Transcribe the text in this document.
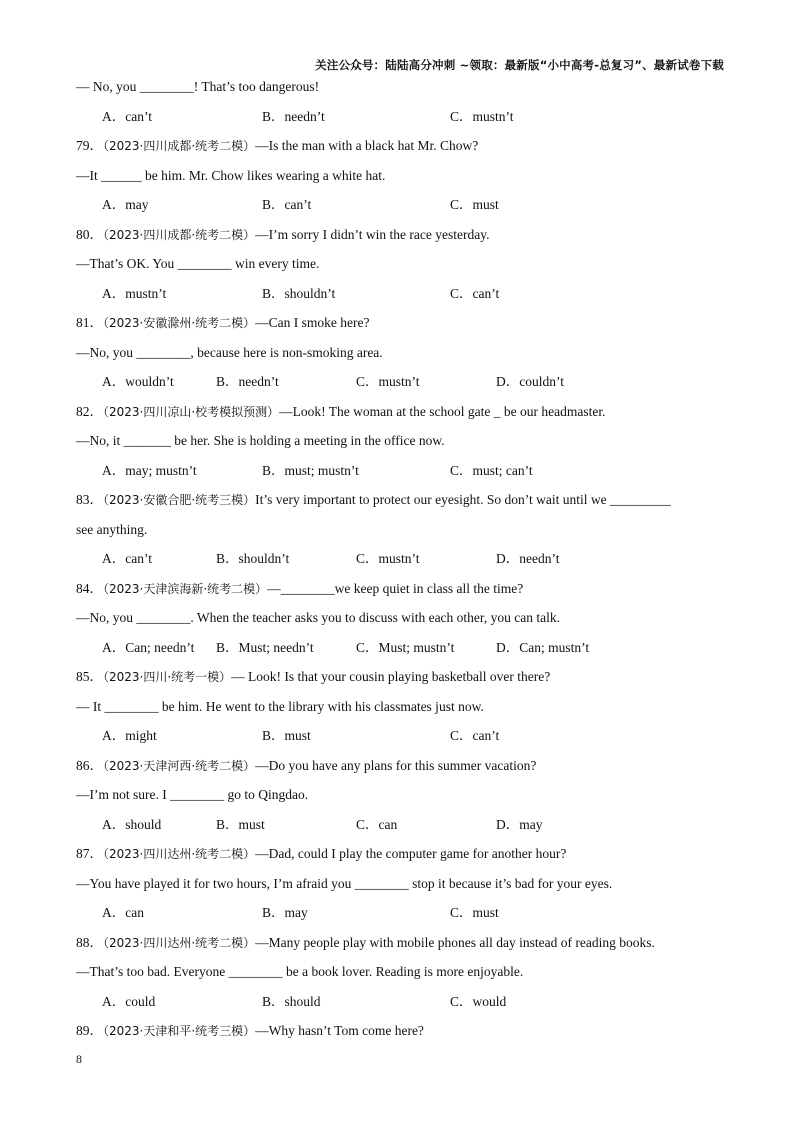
关注公众号：陆陆高分冲刺 ~领取：最新版“小中高考-总复习”、最新试卷下载
— No, you ________! That’s too dangerous!
A．can’t	B．needn’t	C．mustn’t
79．（2023·四川成都·统考二模）—Is the man with a black hat Mr. Chow?
—It ______ be him. Mr. Chow likes wearing a white hat.
A．may	B．can’t	C．must
80．（2023·四川成都·统考二模）—I’m sorry I didn’t win the race yesterday.
—That’s OK. You ________ win every time.
A．mustn’t	B．shouldn’t	C．can’t
81．（2023·安徽滁州·统考二模）—Can I smoke here?
—No, you ________, because here is non-smoking area.
A．wouldn’t	B．needn’t	C．mustn’t	D．couldn’t
82．（2023·四川凉山·校考模拟预测）—Look! The woman at the school gate _ be our headmaster.
—No, it _______ be her. She is holding a meeting in the office now.
A．may; mustn’t	B．must; mustn’t	C．must; can’t
83．（2023·安徽合肥·统考三模）It’s very important to protect our eyesight. So don’t wait until we _________
see anything.
A．can’t	B．shouldn’t	C．mustn’t	D．needn’t
84．（2023·天津滨海新·统考二模）—________we keep quiet in class all the time?
—No, you ________. When the teacher asks you to discuss with each other, you can talk.
A．Can; needn’t B．Must; needn’t	C．Must; mustn’t	D．Can; mustn’t
85．（2023·四川·统考一模）— Look! Is that your cousin playing basketball over there?
— It ________ be him. He went to the library with his classmates just now.
A．might	B．must	C．can’t
86．（2023·天津河西·统考二模）—Do you have any plans for this summer vacation?
—I’m not sure. I ________ go to Qingdao.
A．should	B．must	C．can	D．may
87．（2023·四川达州·统考二模）—Dad, could I play the computer game for another hour?
—You have played it for two hours, I’m afraid you ________ stop it because it’s bad for your eyes.
A．can	B．may	C．must
88．（2023·四川达州·统考二模）—Many people play with mobile phones all day instead of reading books.
—That’s too bad. Everyone ________ be a book lover. Reading is more enjoyable.
A．could	B．should	C．would
89．（2023·天津和平·统考三模）—Why hasn’t Tom come here?
8
